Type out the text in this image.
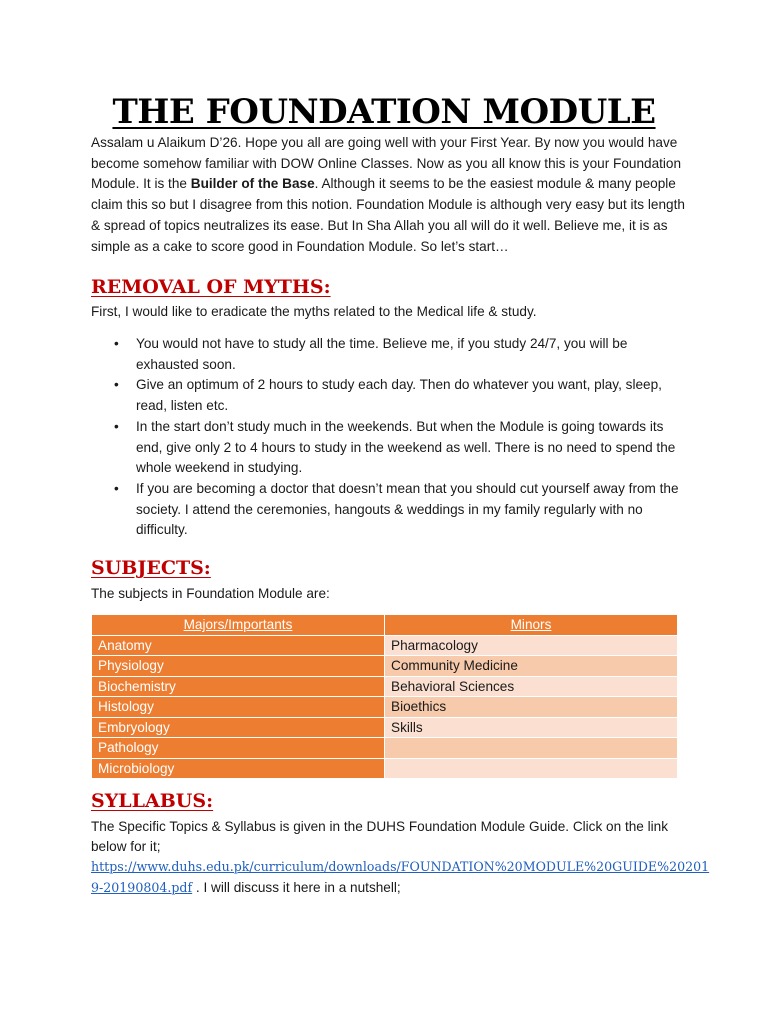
THE FOUNDATION MODULE
Assalam u Alaikum D’26. Hope you all are going well with your First Year. By now you would have become somehow familiar with DOW Online Classes. Now as you all know this is your Foundation Module. It is the Builder of the Base. Although it seems to be the easiest module & many people claim this so but I disagree from this notion. Foundation Module is although very easy but its length & spread of topics neutralizes its ease. But In Sha Allah you all will do it well. Believe me, it is as simple as a cake to score good in Foundation Module. So let’s start…
REMOVAL OF MYTHS:
First, I would like to eradicate the myths related to the Medical life & study.
• You would not have to study all the time. Believe me, if you study 24/7, you will be exhausted soon.
• Give an optimum of 2 hours to study each day. Then do whatever you want, play, sleep, read, listen etc.
• In the start don’t study much in the weekends. But when the Module is going towards its end, give only 2 to 4 hours to study in the weekend as well. There is no need to spend the whole weekend in studying.
• If you are becoming a doctor that doesn’t mean that you should cut yourself away from the society. I attend the ceremonies, hangouts & weddings in my family regularly with no difficulty.
SUBJECTS:
The subjects in Foundation Module are:
Majors/Importants	Minors
Anatomy	Pharmacology
Physiology	Community Medicine
Biochemistry	Behavioral Sciences
Histology	Bioethics
Embryology	Skills
Pathology	
Microbiology	
SYLLABUS:
The Specific Topics & Syllabus is given in the DUHS Foundation Module Guide. Click on the link
below for it;
https://www.duhs.edu.pk/curriculum/downloads/FOUNDATION%20MODULE%20GUIDE%20201
9-20190804.pdf . I will discuss it here in a nutshell;
